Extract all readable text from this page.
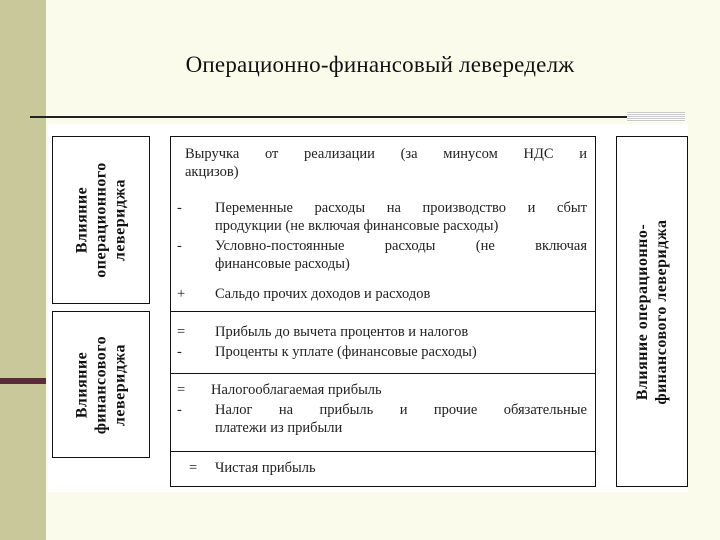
Операционно-финансовый левеределж
Влияние операционного левериджа
Влияние финансового левериджа	Влияние операционно- финансового левериджа
Выручка от реализации (за минусом НДС и
акцизов)
-	Переменные расходы на производство и сбыт
продукции (не включая финансовые расходы)
-	Условно-постоянные расходы (не включая
финансовые расходы)
+	Сальдо прочих доходов и расходов
=	Прибыль до вычета процентов и налогов
-	Проценты к уплате (финансовые расходы)
=	Налогооблагаемая прибыль
-	Налог на прибыль и прочие обязательные
платежи из прибыли
=	Чистая прибыль
